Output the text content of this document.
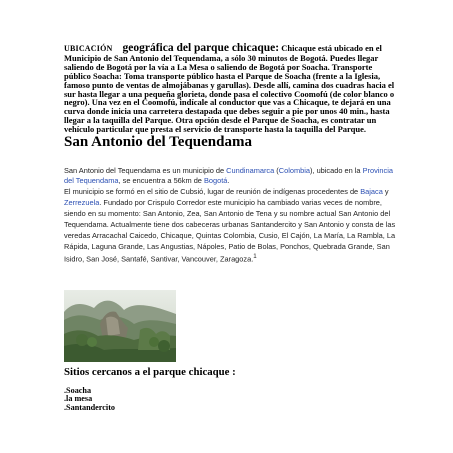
UBICACIÓN geográfica del parque chicaque: Chicaque está ubicado en el Municipio de San Antonio del Tequendama, a sólo 30 minutos de Bogotá. Puedes llegar saliendo de Bogotá por la vía a La Mesa o saliendo de Bogotá por Soacha. Transporte público Soacha: Toma transporte público hasta el Parque de Soacha (frente a la Iglesia, famoso punto de ventas de almojábanas y garullas). Desde allí, camina dos cuadras hacia el sur hasta llegar a una pequeña glorieta, donde pasa el colectivo Coomofú (de color blanco o negro). Una vez en el Coomofú, indícale al conductor que vas a Chicaque, te dejará en una curva donde inicia una carretera destapada que debes seguir a pie por unos 40 min., hasta llegar a la taquilla del Parque. Otra opción desde el Parque de Soacha, es contratar un vehículo particular que presta el servicio de transporte hasta la taquilla del Parque.
San Antonio del Tequendama
San Antonio del Tequendama es un municipio de Cundinamarca (Colombia), ubicado en la Provincia del Tequendama, se encuentra a 56km de Bogotá.
El municipio se formó en el sitio de Cubsió, lugar de reunión de indígenas procedentes de Bajaca y Zerrezuela. Fundado por Crispulo Corredor este municipio ha cambiado varias veces de nombre, siendo en su momento: San Antonio, Zea, San Antonio de Tena y su nombre actual San Antonio del Tequendama. Actualmente tiene dos cabeceras urbanas Santandercito y San Antonio y consta de las veredas Arracachal Caicedo, Chicaque, Quintas Colombia, Cusio, El Cajón, La María, La Rambla, La Rápida, Laguna Grande, Las Angustias, Nápoles, Patio de Bolas, Ponchos, Quebrada Grande, San Isidro, San José, Santafé, Santivar, Vancouver, Zaragoza.$^1$
Sitios cercanos a el parque chicaque :
.Soacha
.la mesa
.Santandercito
